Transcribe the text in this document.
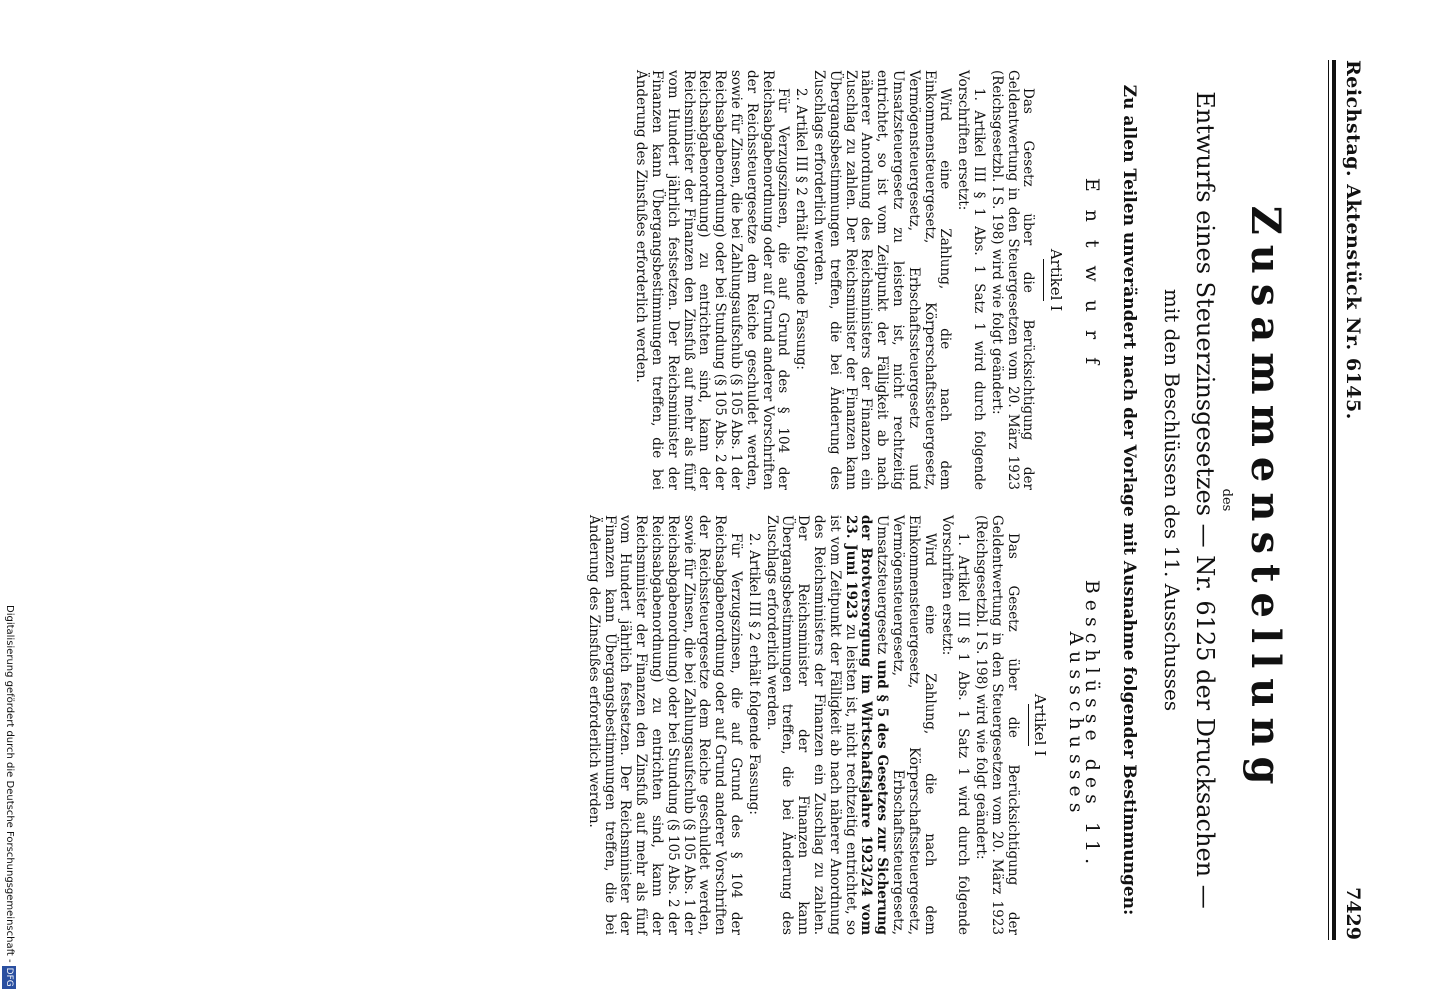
Reichstag. Aktenstück Nr. 6145.
7429
Zusammenstellung
des
Entwurfs eines Steuerzinsgesetzes — Nr. 6125 der Drucksachen —
mit den Beschlüssen des 11. Ausschusses
Zu allen Teilen unverändert nach der Vorlage mit Ausnahme folgender Bestimmungen:
Entwurf
Artikel I

Das Gesetz über die Berücksichtigung der Geldentwertung in den Steuergesetzen vom 20. März 1923 (Reichsgesetzbl. I S. 198) wird wie folgt geändert:

1. Artikel III § 1 Abs. 1 Satz 1 wird durch folgende Vorschriften ersetzt:

Wird eine Zahlung, die nach dem Einkommensteuergesetz, Körperschaftssteuergesetz, Vermögensteuergesetz, Erbschaftssteuergesetz und Umsatzsteuergesetz zu leisten ist, nicht rechtzeitig entrichtet, so ist vom Zeitpunkt der Fälligkeit ab nach näherer Anordnung des Reichsministers der Finanzen ein Zuschlag zu zahlen. Der Reichsminister der Finanzen kann Übergangsbestimmungen treffen, die bei Änderung des Zuschlags erforderlich werden.

2. Artikel III § 2 erhält folgende Fassung:

Für Verzugszinsen, die auf Grund des § 104 der Reichsabgabenordnung oder auf Grund anderer Vorschriften der Reichssteuergesetze dem Reiche geschuldet werden, sowie für Zinsen, die bei Zahlungsaufschub (§ 105 Abs. 1 der Reichsabgabenordnung) oder bei Stundung (§ 105 Abs. 2 der Reichsabgabenordnung) zu entrichten sind, kann der Reichsminister der Finanzen den Zinsfuß auf mehr als fünf vom Hundert jährlich festsetzen. Der Reichsminister der Finanzen kann Übergangsbestimmungen treffen, die bei Änderung des Zinsfußes erforderlich werden.

Beschlüsse des 11. Ausschusses
Artikel I

Das Gesetz über die Berücksichtigung der Geldentwertung in den Steuergesetzen vom 20. März 1923 (Reichsgesetzbl. I S. 198) wird wie folgt geändert:

1. Artikel III § 1 Abs. 1 Satz 1 wird durch folgende Vorschriften ersetzt:

Wird eine Zahlung, die nach dem Einkommensteuergesetz, Körperschaftssteuergesetz, Vermögensteuergesetz, Erbschaftssteuergesetz, Umsatzsteuergesetz und § 5 des Gesetzes zur Sicherung der Brotversorgung im Wirtschaftsjahre 1923/24 vom 23. Juni 1923 zu leisten ist, nicht rechtzeitig entrichtet, so ist vom Zeitpunkt der Fälligkeit ab nach näherer Anordnung des Reichsministers der Finanzen ein Zuschlag zu zahlen. Der Reichsminister der Finanzen kann Übergangsbestimmungen treffen, die bei Änderung des Zuschlags erforderlich werden.

2. Artikel III § 2 erhält folgende Fassung:

Für Verzugszinsen, die auf Grund des § 104 der Reichsabgabenordnung oder auf Grund anderer Vorschriften der Reichssteuergesetze dem Reiche geschuldet werden, sowie für Zinsen, die bei Zahlungsaufschub (§ 105 Abs. 1 der Reichsabgabenordnung) oder bei Stundung (§ 105 Abs. 2 der Reichsabgabenordnung) zu entrichten sind, kann der Reichsminister der Finanzen den Zinsfuß auf mehr als fünf vom Hundert jährlich festsetzen. Der Reichsminister der Finanzen kann Übergangsbestimmungen treffen, die bei Änderung des Zinsfußes erforderlich werden.

Digitalisierung gefördert durch die Deutsche Forschungsgemeinschaft -DFG
